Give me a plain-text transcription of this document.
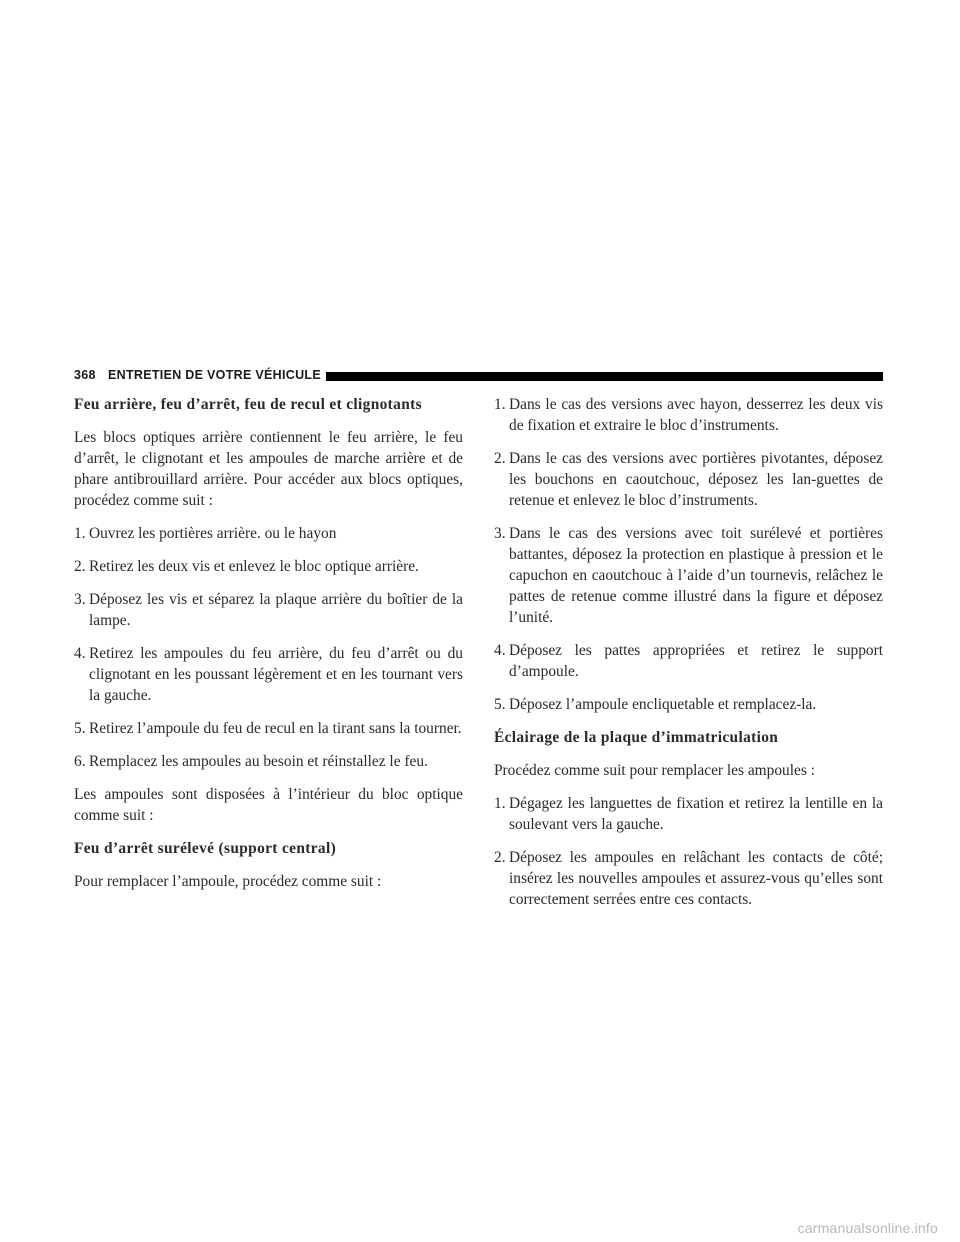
368 ENTRETIEN DE VOTRE VÉHICULE
Feu arrière, feu d’arrêt, feu de recul et clignotants

Les blocs optiques arrière contiennent le feu arrière, le feu d’arrêt, le clignotant et les ampoules de marche arrière et de phare antibrouillard arrière. Pour accéder aux blocs optiques, procédez comme suit :

1. Ouvrez les portières arrière. ou le hayon
2. Retirez les deux vis et enlevez le bloc optique arrière.
3. Déposez les vis et séparez la plaque arrière du boîtier de la lampe.
4. Retirez les ampoules du feu arrière, du feu d’arrêt ou du clignotant en les poussant légèrement et en les tournant vers la gauche.
5. Retirez l’ampoule du feu de recul en la tirant sans la tourner.
6. Remplacez les ampoules au besoin et réinstallez le feu.

Les ampoules sont disposées à l’intérieur du bloc optique comme suit :

Feu d’arrêt surélevé (support central)

Pour remplacer l’ampoule, procédez comme suit :

1. Dans le cas des versions avec hayon, desserrez les deux vis de fixation et extraire le bloc d’instruments.
2. Dans le cas des versions avec portières pivotantes, déposez les bouchons en caoutchouc, déposez les lan-guettes de retenue et enlevez le bloc d’instruments.
3. Dans le cas des versions avec toit surélevé et portières battantes, déposez la protection en plastique à pression et le capuchon en caoutchouc à l’aide d’un tournevis, relâchez le pattes de retenue comme illustré dans la figure et déposez l’unité.
4. Déposez les pattes appropriées et retirez le support d’ampoule.
5. Déposez l’ampoule encliquetable et remplacez-la.
Éclairage de la plaque d’immatriculation

Procédez comme suit pour remplacer les ampoules :

1. Dégagez les languettes de fixation et retirez la lentille en la soulevant vers la gauche.
2. Déposez les ampoules en relâchant les contacts de côté; insérez les nouvelles ampoules et assurez-vous qu’elles sont correctement serrées entre ces contacts.
carmanualsonline.info
